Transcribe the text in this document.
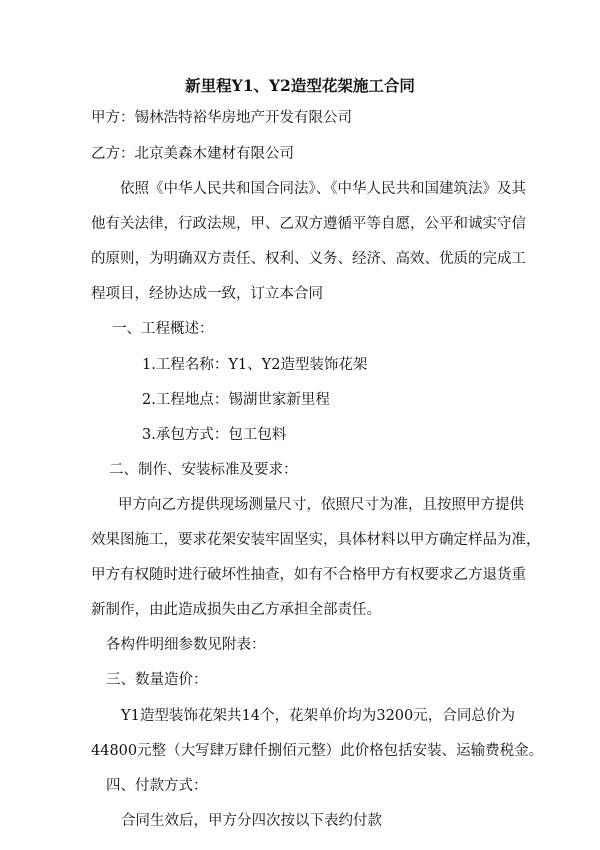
新里程Y1、Y2造型花架施工合同
甲方：锡林浩特裕华房地产开发有限公司
乙方：北京美森木建材有限公司
依照《中华人民共和国合同法》、《中华人民共和国建筑法》及其
他有关法律，行政法规，甲、乙双方遵循平等自愿，公平和诚实守信
的原则，为明确双方责任、权利、义务、经济、高效、优质的完成工
程项目，经协达成一致，订立本合同
一、工程概述：
1.工程名称：Y1、Y2造型装饰花架
2.工程地点：锡湖世家新里程
3.承包方式：包工包料
二、制作、安装标准及要求：
甲方向乙方提供现场测量尺寸，依照尺寸为准，且按照甲方提供
效果图施工，要求花架安装牢固坚实，具体材料以甲方确定样品为准，
甲方有权随时进行破坏性抽查，如有不合格甲方有权要求乙方退货重
新制作，由此造成损失由乙方承担全部责任。
各构件明细参数见附表：
三、数量造价：
Y1造型装饰花架共14个，花架单价均为3200元，合同总价为
44800元整（大写肆万肆仟捌佰元整）此价格包括安装、运输费税金。
四、付款方式：
合同生效后，甲方分四次按以下表约付款
